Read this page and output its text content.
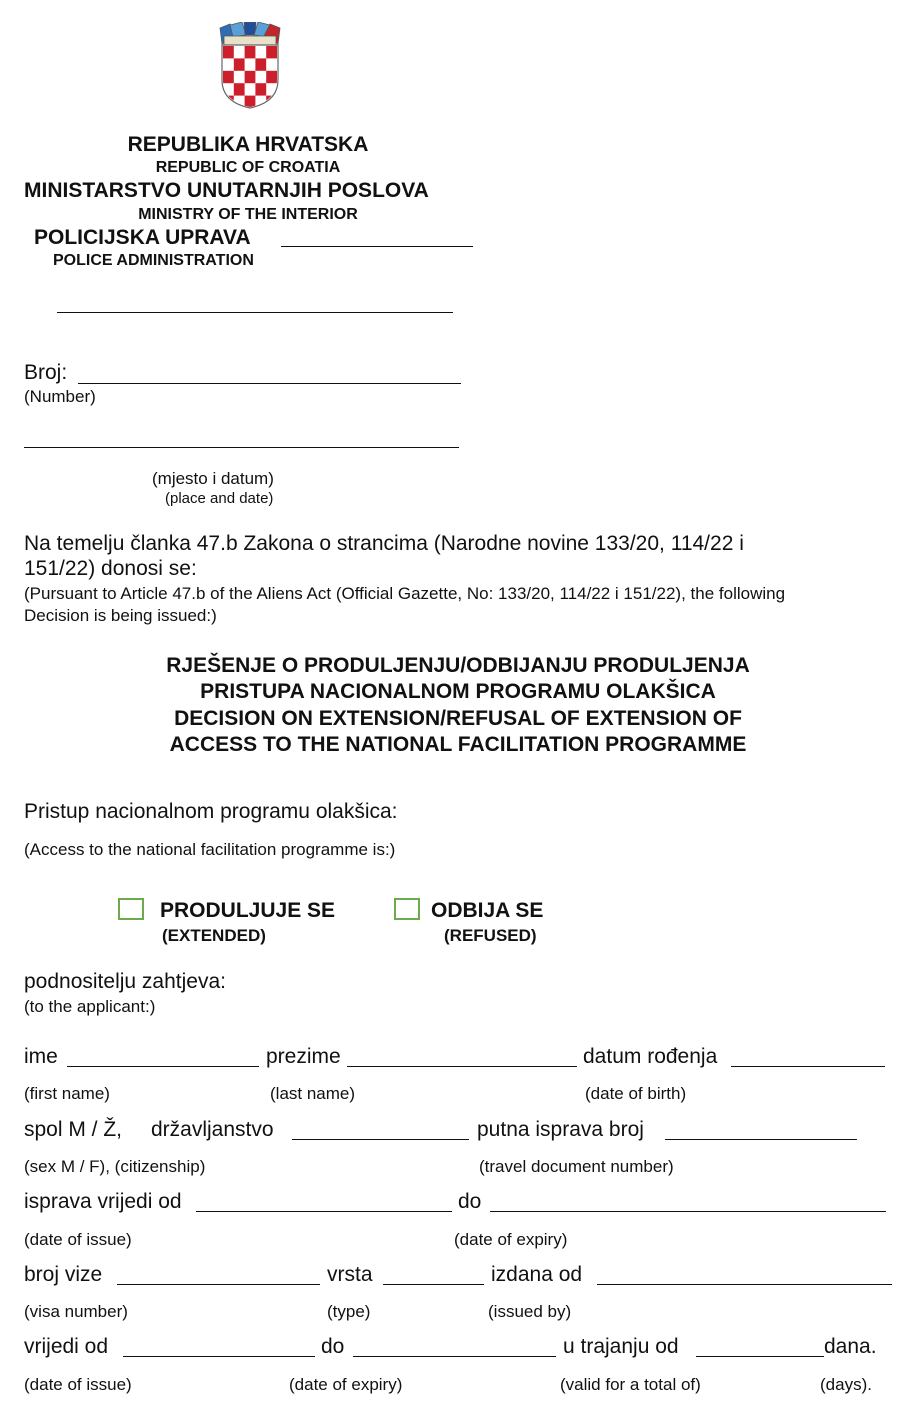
REPUBLIKA HRVATSKA
REPUBLIC OF CROATIA
MINISTARSTVO UNUTARNJIH POSLOVA
MINISTRY OF THE INTERIOR
POLICIJSKA UPRAVA
POLICE ADMINISTRATION
Broj:
(Number)
(mjesto i datum)
(place and date)
Na temelju članka 47.b Zakona o strancima (Narodne novine 133/20, 114/22 i
151/22) donosi se:
(Pursuant to Article 47.b of the Aliens Act (Official Gazette, No: 133/20, 114/22 i 151/22), the following
Decision is being issued:)
RJEŠENJE O PRODULJENJU/ODBIJANJU PRODULJENJA
PRISTUPA NACIONALNOM PROGRAMU OLAKŠICA
DECISION ON EXTENSION/REFUSAL OF EXTENSION OF
ACCESS TO THE NATIONAL FACILITATION PROGRAMME
Pristup nacionalnom programu olakšica:
(Access to the national facilitation programme is:)
PRODULJUJE SE
(EXTENDED)
ODBIJA SE
(REFUSED)
podnositelju zahtjeva:
(to the applicant:)
ime	prezime	datum rođenja
(first name)	(last name)	(date of birth)
spol M / Ž, državljanstvo	putna isprava broj
(sex M / F), (citizenship)	(travel document number)
isprava vrijedi od	do
(date of issue)	(date of expiry)
broj vize	vrsta	izdana od
(visa number)	(type)	(issued by)
vrijedi od	do	u trajanju od	dana.
(date of issue)	(date of expiry)	(valid for a total of)	(days).
